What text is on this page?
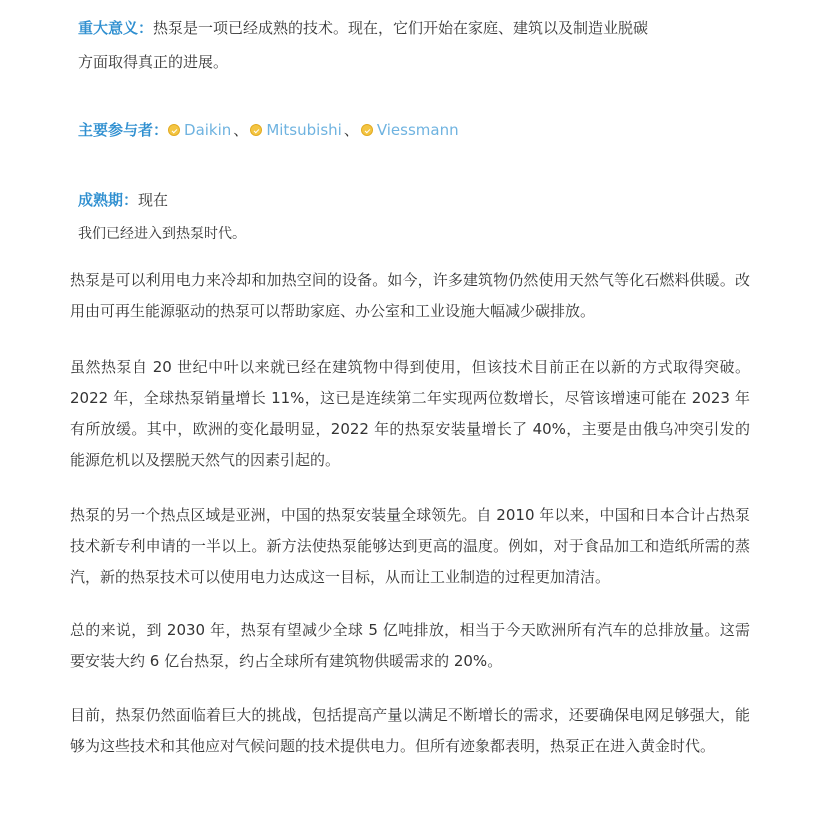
重大意义：热泵是一项已经成熟的技术。现在，它们开始在家庭、建筑以及制造业脱碳
方面取得真正的进展。
主要参与者： Daikin 、 Mitsubishi 、 Viessmann
成熟期：现在
我们已经进入到热泵时代。

热泵是可以利用电力来冷却和加热空间的设备。如今，许多建筑物仍然使用天然气等化石燃料供暖。改用由可再生能源驱动的热泵可以帮助家庭、办公室和工业设施大幅减少碳排放。

虽然热泵自 20 世纪中叶以来就已经在建筑物中得到使用，但该技术目前正在以新的方式取得突破。2022 年，全球热泵销量增长 11%，这已是连续第二年实现两位数增长，尽管该增速可能在 2023 年有所放缓。其中，欧洲的变化最明显，2022 年的热泵安装量增长了 40%，主要是由俄乌冲突引发的能源危机以及摆脱天然气的因素引起的。

热泵的另一个热点区域是亚洲，中国的热泵安装量全球领先。自 2010 年以来，中国和日本合计占热泵技术新专利申请的一半以上。新方法使热泵能够达到更高的温度。例如，对于食品加工和造纸所需的蒸汽，新的热泵技术可以使用电力达成这一目标，从而让工业制造的过程更加清洁。

总的来说，到 2030 年，热泵有望减少全球 5 亿吨排放，相当于今天欧洲所有汽车的总排放量。这需要安装大约 6 亿台热泵，约占全球所有建筑物供暖需求的 20%。

目前，热泵仍然面临着巨大的挑战，包括提高产量以满足不断增长的需求，还要确保电网足够强大，能够为这些技术和其他应对气候问题的技术提供电力。但所有迹象都表明，热泵正在进入黄金时代。
